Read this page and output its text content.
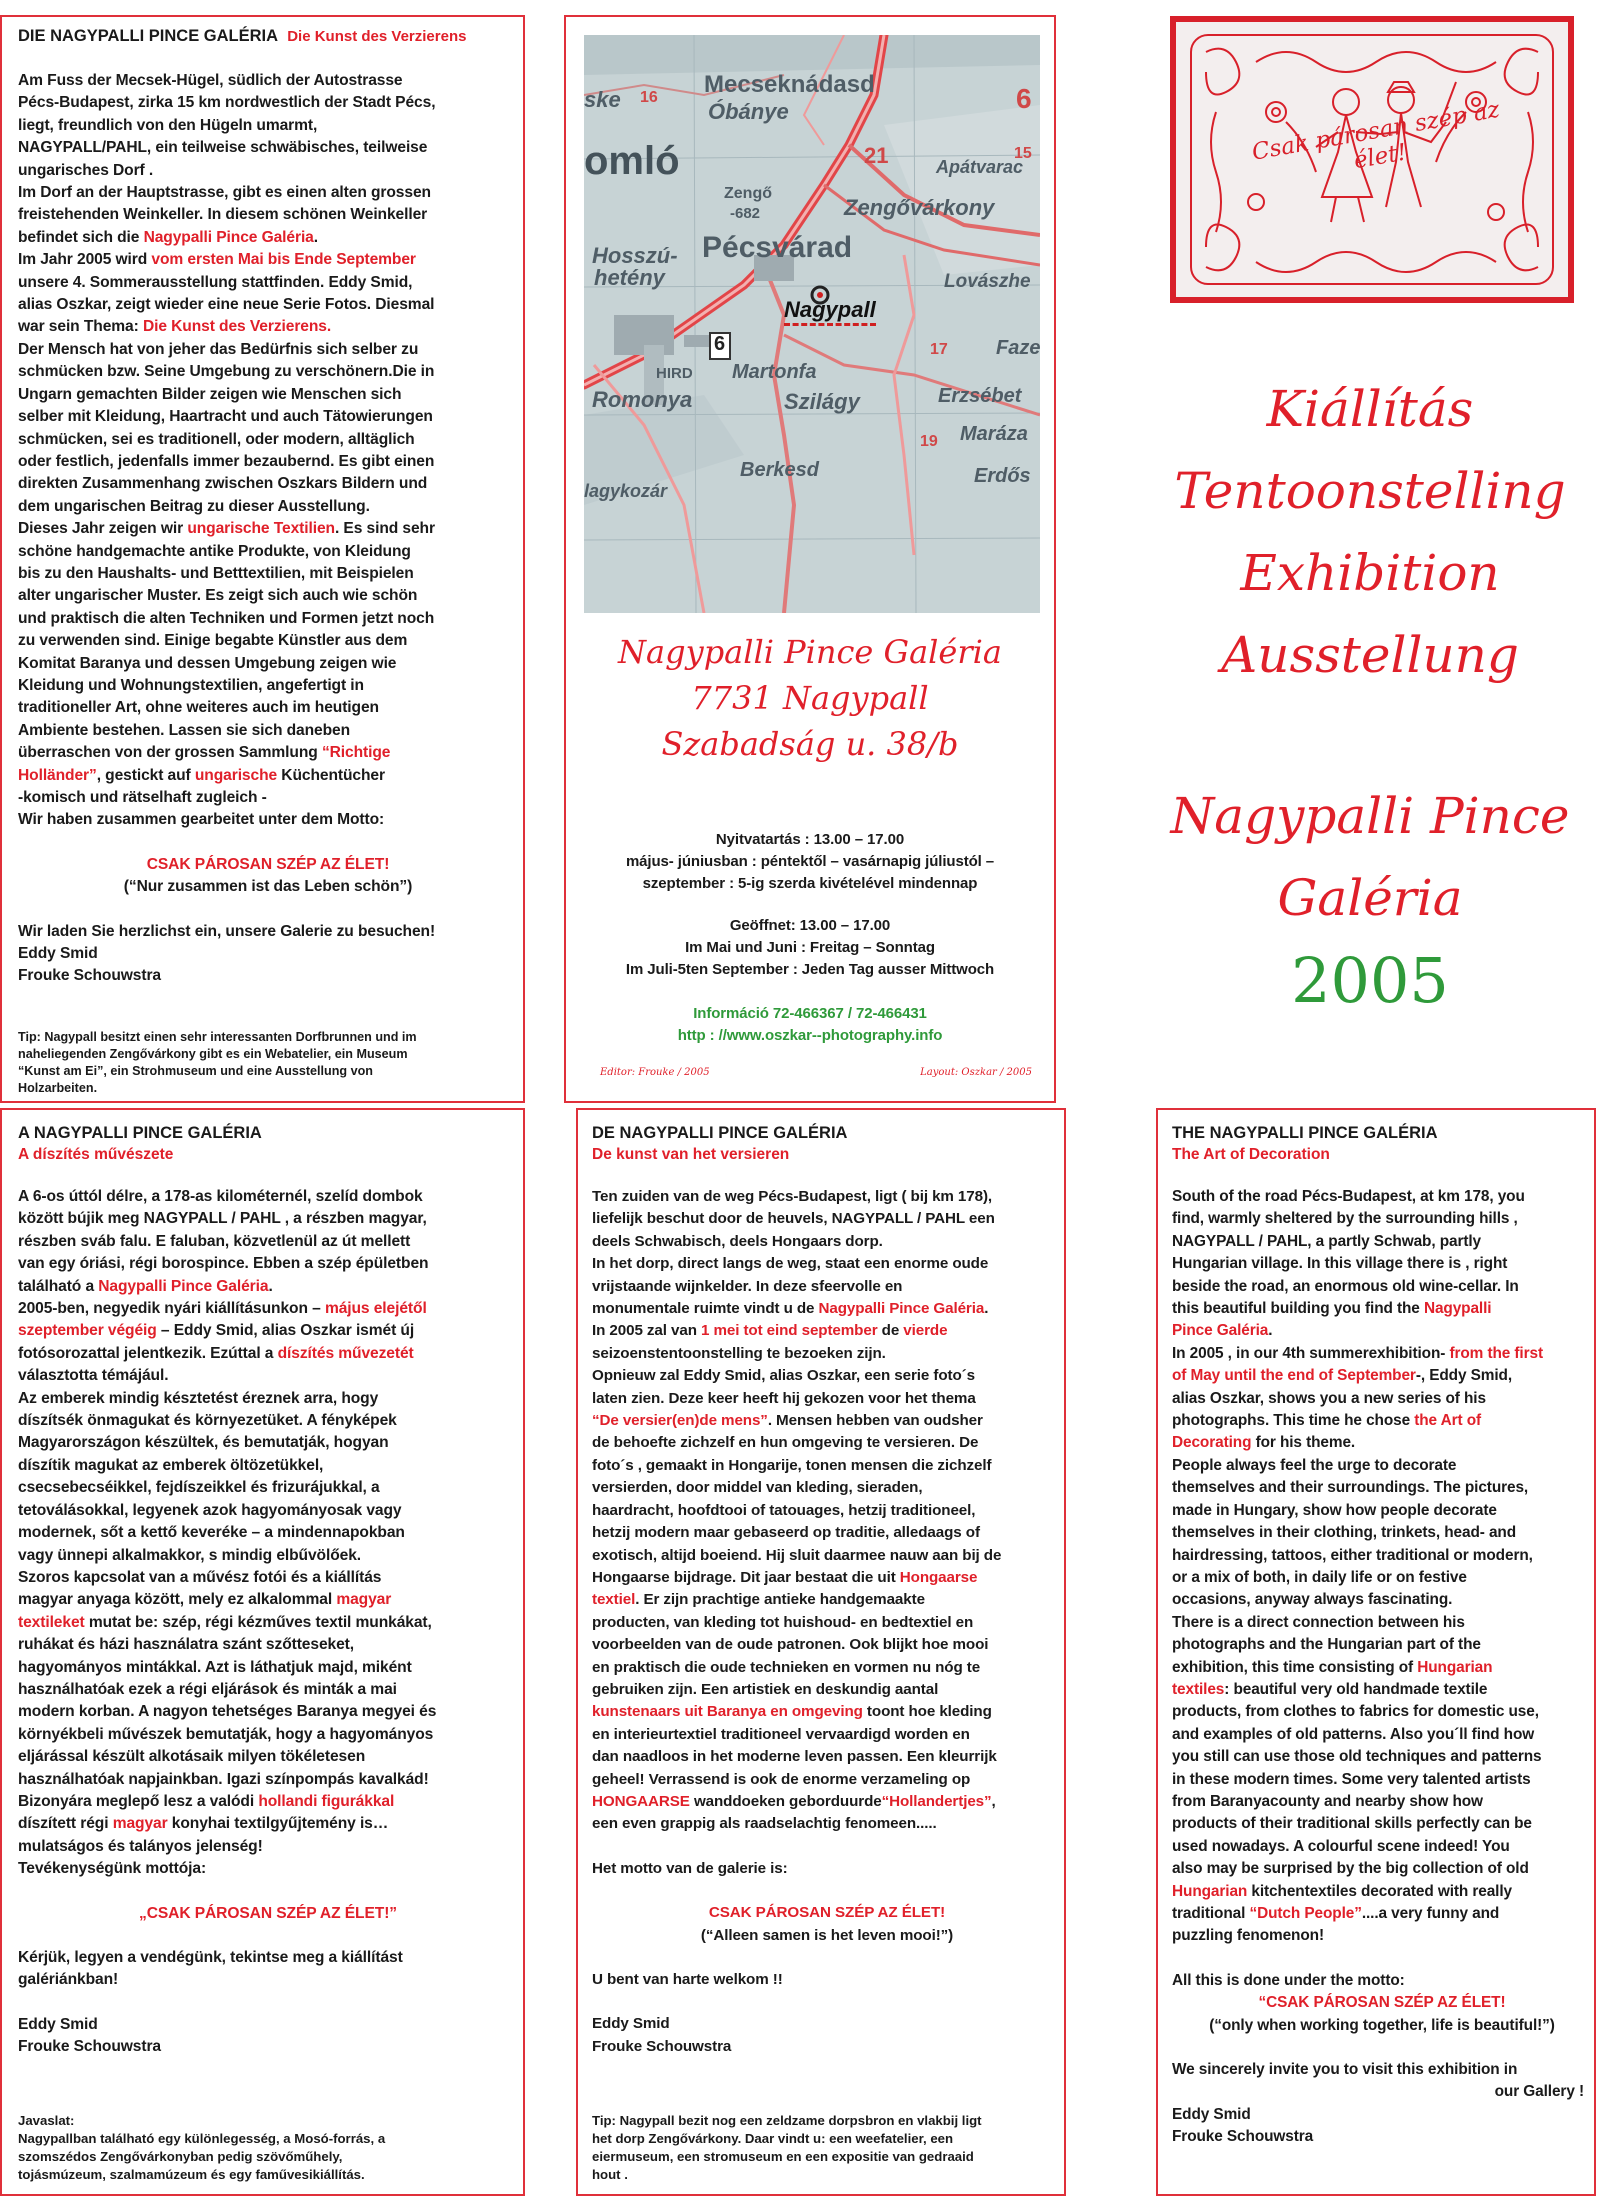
DIE NAGYPALLI PINCE GALÉRIA Die Kunst des Verzierens

Am Fuss der Mecsek-Hügel, südlich der Autostrasse

Pécs-Budapest, zirka 15 km nordwestlich der Stadt Pécs,

liegt, freundlich von den Hügeln umarmt,

NAGYPALL/PAHL, ein teilweise schwäbisches, teilweise

ungarisches Dorf .

Im Dorf an der Hauptstrasse, gibt es einen alten grossen

freistehenden Weinkeller. In diesem schönen Weinkeller

befindet sich die Nagypalli Pince Galéria.

Im Jahr 2005 wird vom ersten Mai bis Ende September

unsere 4. Sommerausstellung stattfinden. Eddy Smid,

alias Oszkar, zeigt wieder eine neue Serie Fotos. Diesmal

war sein Thema: Die Kunst des Verzierens.

Der Mensch hat von jeher das Bedürfnis sich selber zu

schmücken bzw. Seine Umgebung zu verschönern.Die in

Ungarn gemachten Bilder zeigen wie Menschen sich

selber mit Kleidung, Haartracht und auch Tätowierungen

schmücken, sei es traditionell, oder modern, alltäglich

oder festlich, jedenfalls immer bezaubernd. Es gibt einen

direkten Zusammenhang zwischen Oszkars Bildern und

dem ungarischen Beitrag zu dieser Ausstellung.

Dieses Jahr zeigen wir ungarische Textilien. Es sind sehr

schöne handgemachte antike Produkte, von Kleidung

bis zu den Haushalts- und Betttextilien, mit Beispielen

alter ungarischer Muster. Es zeigt sich auch wie schön

und praktisch die alten Techniken und Formen jetzt noch

zu verwenden sind. Einige begabte Künstler aus dem

Komitat Baranya und dessen Umgebung zeigen wie

Kleidung und Wohnungstextilien, angefertigt in

traditioneller Art, ohne weiteres auch im heutigen

Ambiente bestehen. Lassen sie sich daneben

überraschen von der grossen Sammlung “Richtige

Holländer”, gestickt auf ungarische Küchentücher

-komisch und rätselhaft zugleich -

Wir haben zusammen gearbeitet unter dem Motto:

CSAK PÁROSAN SZÉP AZ ÉLET!

(“Nur zusammen ist das Leben schön”)

Wir laden Sie herzlichst ein, unsere Galerie zu besuchen!

Eddy Smid

Frouke Schouwstra

Tip: Nagypall besitzt einen sehr interessanten Dorfbrunnen und im
naheliegenden Zengővárkony gibt es ein Webatelier, ein Museum
“Kunst am Ei”, ein Strohmuseum und eine Ausstellung von
Holzarbeiten.
Mecseknádasd
Óbánye
ske
omló	Apátvarac
Zengő
-682	Zengővárkony
Pécsvárad
Hosszú-
hetény	Lovászhe
Nagypall
Faze
HIRD Martonfa
Romonya	Szilágy	Erzsébet
Maráza
Berkesd	Erdős
lagykozár
16
21
6
6	17
19
15
Nagypalli Pince Galéria
7731 Nagypall
Szabadság u. 38/b

Nyitvatartás : 13.00 – 17.00

május- júniusban : péntektől – vasárnapig júliustól –

szeptember : 5-ig szerda kivételével mindennap

Geöffnet: 13.00 – 17.00

Im Mai und Juni : Freitag – Sonntag

Im Juli-5ten September : Jeden Tag ausser Mittwoch

Információ 72-466367 / 72-466431

http : //www.oszkar--photography.info

Editor: Frouke / 2005	Layout: Oszkar / 2005
Csak párosan szép az élet!
Kiállítás
Tentoonstelling
Exhibition
Ausstellung
Nagypalli Pince
Galéria
2005
A NAGYPALLI PINCE GALÉRIA
A díszítés művészete

A 6-os úttól délre, a 178-as kilométernél, szelíd dombok

között bújik meg NAGYPALL / PAHL , a részben magyar,

részben sváb falu. E faluban, közvetlenül az út mellett

van egy óriási, régi borospince. Ebben a szép épületben

található a Nagypalli Pince Galéria.

2005-ben, negyedik nyári kiállításunkon – május elejétől

szeptember végéig – Eddy Smid, alias Oszkar ismét új

fotósorozattal jelentkezik. Ezúttal a díszítés művezetét

választotta témájául.

Az emberek mindig késztetést éreznek arra, hogy

díszítsék önmagukat és környezetüket. A fényképek

Magyarországon készültek, és bemutatják, hogyan

díszítik magukat az emberek öltözetükkel,

csecsebecséikkel, fejdíszeikkel és frizurájukkal, a

tetoválásokkal, legyenek azok hagyományosak vagy

modernek, sőt a kettő keveréke – a mindennapokban

vagy ünnepi alkalmakkor, s mindig elbűvölőek.

Szoros kapcsolat van a művész fotói és a kiállítás

magyar anyaga között, mely ez alkalommal magyar

textileket mutat be: szép, régi kézműves textil munkákat,

ruhákat és házi használatra szánt szőtteseket,

hagyományos mintákkal. Azt is láthatjuk majd, miként

használhatóak ezek a régi eljárások és minták a mai

modern korban. A nagyon tehetséges Baranya megyei és

környékbeli művészek bemutatják, hogy a hagyományos

eljárással készült alkotásaik milyen tökéletesen

használhatóak napjainkban. Igazi színpompás kavalkád!

Bizonyára meglepő lesz a valódi hollandi figurákkal

díszített régi magyar konyhai textilgyűjtemény is…

mulatságos és talányos jelenség!

Tevékenységünk mottója:

„CSAK PÁROSAN SZÉP AZ ÉLET!”

Kérjük, legyen a vendégünk, tekintse meg a kiállítást

galériánkban!

Eddy Smid

Frouke Schouwstra

Javaslat:
Nagypallban található egy különlegesség, a Mosó-forrás, a
szomszédos Zengővárkonyban pedig szövőműhely,
tojásmúzeum, szalmamúzeum és egy faművesikiállítás.
DE NAGYPALLI PINCE GALÉRIA
De kunst van het versieren

Ten zuiden van de weg Pécs-Budapest, ligt ( bij km 178),

liefelijk beschut door de heuvels, NAGYPALL / PAHL een

deels Schwabisch, deels Hongaars dorp.

In het dorp, direct langs de weg, staat een enorme oude

vrijstaande wijnkelder. In deze sfeervolle en

monumentale ruimte vindt u de Nagypalli Pince Galéria.

In 2005 zal van 1 mei tot eind september de vierde

seizoenstentoonstelling te bezoeken zijn.

Opnieuw zal Eddy Smid, alias Oszkar, een serie foto´s

laten zien. Deze keer heeft hij gekozen voor het thema

“De versier(en)de mens”. Mensen hebben van oudsher

de behoefte zichzelf en hun omgeving te versieren. De

foto´s , gemaakt in Hongarije, tonen mensen die zichzelf

versierden, door middel van kleding, sieraden,

haardracht, hoofdtooi of tatouages, hetzij traditioneel,

hetzij modern maar gebaseerd op traditie, alledaags of

exotisch, altijd boeiend. Hij sluit daarmee nauw aan bij de

Hongaarse bijdrage. Dit jaar bestaat die uit Hongaarse

textiel. Er zijn prachtige antieke handgemaakte

producten, van kleding tot huishoud- en bedtextiel en

voorbeelden van de oude patronen. Ook blijkt hoe mooi

en praktisch die oude technieken en vormen nu nóg te

gebruiken zijn. Een artistiek en deskundig aantal

kunstenaars uit Baranya en omgeving toont hoe kleding

en interieurtextiel traditioneel vervaardigd worden en

dan naadloos in het moderne leven passen. Een kleurrijk

geheel! Verrassend is ook de enorme verzameling op

HONGAARSE wanddoeken geborduurde“Hollandertjes”,

een even grappig als raadselachtig fenomeen.....

Het motto van de galerie is:

CSAK PÁROSAN SZÉP AZ ÉLET!

(“Alleen samen is het leven mooi!”)

U bent van harte welkom !!

Eddy Smid

Frouke Schouwstra

Tip: Nagypall bezit nog een zeldzame dorpsbron en vlakbij ligt
het dorp Zengővárkony. Daar vindt u: een weefatelier, een
eiermuseum, een stromuseum en een expositie van gedraaid
hout .
THE NAGYPALLI PINCE GALÉRIA
The Art of Decoration

South of the road Pécs-Budapest, at km 178, you

find, warmly sheltered by the surrounding hills ,

NAGYPALL / PAHL, a partly Schwab, partly

Hungarian village. In this village there is , right

beside the road, an enormous old wine-cellar. In

this beautiful building you find the Nagypalli

Pince Galéria.

In 2005 , in our 4th summerexhibition- from the first

of May until the end of September-, Eddy Smid,

alias Oszkar, shows you a new series of his

photographs. This time he chose the Art of

Decorating for his theme.

People always feel the urge to decorate

themselves and their surroundings. The pictures,

made in Hungary, show how people decorate

themselves in their clothing, trinkets, head- and

hairdressing, tattoos, either traditional or modern,

or a mix of both, in daily life or on festive

occasions, anyway always fascinating.

There is a direct connection between his

photographs and the Hungarian part of the

exhibition, this time consisting of Hungarian

textiles: beautiful very old handmade textile

products, from clothes to fabrics for domestic use,

and examples of old patterns. Also you´ll find how

you still can use those old techniques and patterns

in these modern times. Some very talented artists

from Baranyacounty and nearby show how

products of their traditional skills perfectly can be

used nowadays. A colourful scene indeed! You

also may be surprised by the big collection of old

Hungarian kitchentextiles decorated with really

traditional “Dutch People”....a very funny and

puzzling fenomenon!

All this is done under the motto:

“CSAK PÁROSAN SZÉP AZ ÉLET!

(“only when working together, life is beautiful!”)

We sincerely invite you to visit this exhibition in

our Gallery !

Eddy Smid

Frouke Schouwstra
